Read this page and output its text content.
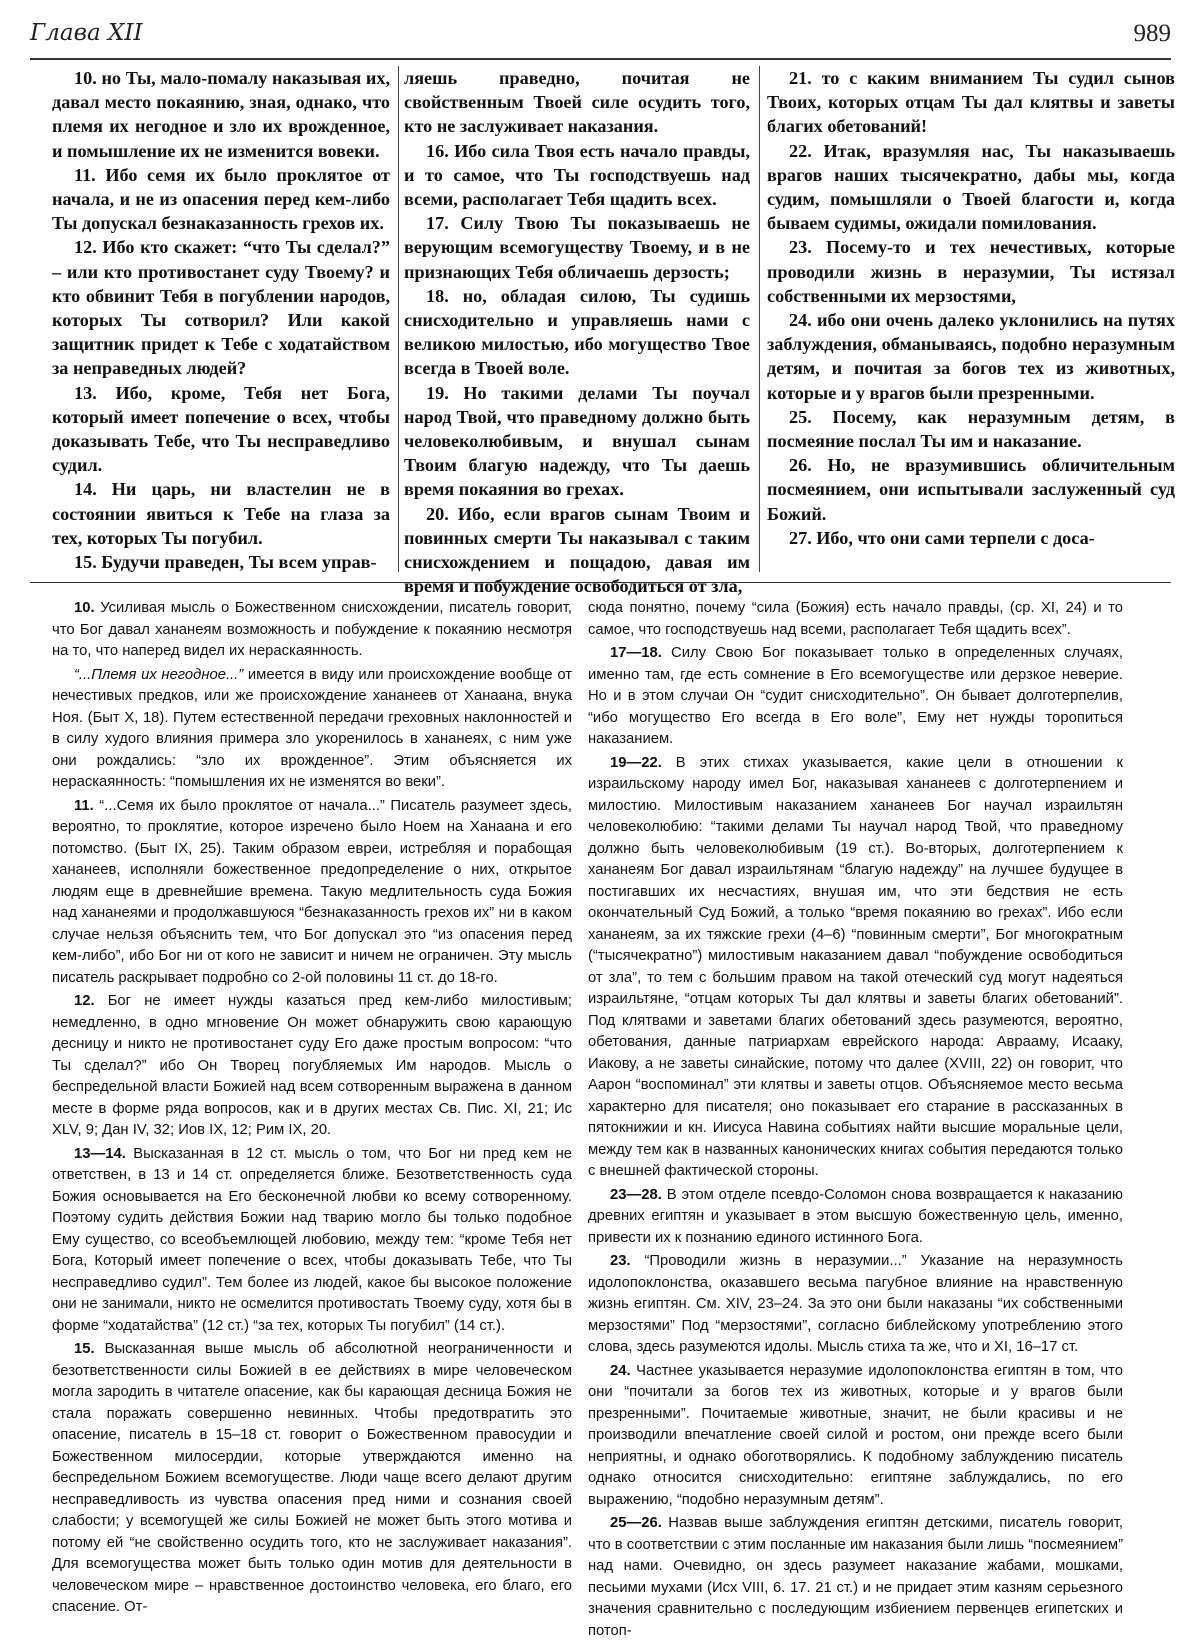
Глава XII	989

10. но Ты, мало-помалу наказывая их, давал место покаянию, зная, однако, что племя их негодное и зло их врожденное, и помышление их не изменится вовеки.

11. Ибо семя их было проклятое от начала, и не из опасения перед кем-либо Ты допускал безнаказанность грехов их.

12. Ибо кто скажет: “что Ты сделал?” – или кто противостанет суду Твоему? и кто обвинит Тебя в погублении народов, которых Ты сотворил? Или какой защитник придет к Тебе с ходатайством за неправедных людей?

13. Ибо, кроме, Тебя нет Бога, который имеет попечение о всех, чтобы доказывать Тебе, что Ты несправедливо судил.

14. Ни царь, ни властелин не в состоянии явиться к Тебе на глаза за тех, которых Ты погубил.

15. Будучи праведен, Ты всем управ-

ляешь праведно, почитая не свойственным Твоей силе осудить того, кто не заслуживает наказания.

16. Ибо сила Твоя есть начало правды, и то самое, что Ты господствуешь над всеми, располагает Тебя щадить всех.

17. Силу Твою Ты показываешь не верующим всемогуществу Твоему, и в не признающих Тебя обличаешь дерзость;

18. но, обладая силою, Ты судишь снисходительно и управляешь нами с великою милостью, ибо могущество Твое всегда в Твоей воле.

19. Но такими делами Ты поучал народ Твой, что праведному должно быть человеколюбивым, и внушал сынам Твоим благую надежду, что Ты даешь время покаяния во грехах.

20. Ибо, если врагов сынам Твоим и повинных смерти Ты наказывал с таким снисхождением и пощадою, давая им время и побуждение освободиться от зла,

21. то с каким вниманием Ты судил сынов Твоих, которых отцам Ты дал клятвы и заветы благих обетований!

22. Итак, вразумляя нас, Ты наказываешь врагов наших тысячекратно, дабы мы, когда судим, помышляли о Твоей благости и, когда бываем судимы, ожидали помилования.

23. Посему-то и тех нечестивых, которые проводили жизнь в неразумии, Ты истязал собственными их мерзостями,

24. ибо они очень далеко уклонились на путях заблуждения, обманываясь, подобно неразумным детям, и почитая за богов тех из животных, которые и у врагов были презренными.

25. Посему, как неразумным детям, в посмеяние послал Ты им и наказание.

26. Но, не вразумившись обличительным посмеянием, они испытывали заслуженный суд Божий.

27. Ибо, что они сами терпели с доса-

10. Усиливая мысль о Божественном снисхождении, писатель говорит, что Бог давал хананеям возможность и побуждение к покаянию несмотря на то, что наперед видел их нераскаянность.

“...Племя их негодное...” имеется в виду или происхождение вообще от нечестивых предков, или же происхождение хананеев от Ханаана, внука Ноя. (Быт X, 18). Путем естественной передачи греховных наклонностей и в силу худого влияния примера зло укоренилось в хананеях, с ним уже они рождались: “зло их врожденное”. Этим объясняется их нераскаянность: “помышления их не изменятся во веки”.

11. “...Семя их было проклятое от начала...” Писатель разумеет здесь, вероятно, то проклятие, которое изречено было Ноем на Ханаана и его потомство. (Быт IX, 25). Таким образом евреи, истребляя и порабощая хананеев, исполняли божественное предопределение о них, открытое людям еще в древнейшие времена. Такую медлительность суда Божия над хананеями и продолжавшуюся “безнаказанность грехов их” ни в каком случае нельзя объяснить тем, что Бог допускал это “из опасения перед кем-либо”, ибо Бог ни от кого не зависит и ничем не ограничен. Эту мысль писатель раскрывает подробно со 2-ой половины 11 ст. до 18-го.

12. Бог не имеет нужды казаться пред кем-либо милостивым; немедленно, в одно мгновение Он может обнаружить свою карающую десницу и никто не противостанет суду Его даже простым вопросом: “что Ты сделал?” ибо Он Творец погубляемых Им народов. Мысль о беспредельной власти Божией над всем сотворенным выражена в данном месте в форме ряда вопросов, как и в других местах Св. Пис. XI, 21; Ис XLV, 9; Дан IV, 32; Иов IX, 12; Рим IX, 20.

13—14. Высказанная в 12 ст. мысль о том, что Бог ни пред кем не ответствен, в 13 и 14 ст. определяется ближе. Безответственность суда Божия основывается на Его бесконечной любви ко всему сотворенному. Поэтому судить действия Божии над тварию могло бы только подобное Ему существо, со всеобъемлющей любовию, между тем: “кроме Тебя нет Бога, Который имеет попечение о всех, чтобы доказывать Тебе, что Ты несправедливо судил”. Тем более из людей, какое бы высокое положение они не занимали, никто не осмелится противостать Твоему суду, хотя бы в форме “ходатайства” (12 ст.) “за тех, которых Ты погубил” (14 ст.).

15. Высказанная выше мысль об абсолютной неограниченности и безответственности силы Божией в ее действиях в мире человеческом могла зародить в читателе опасение, как бы карающая десница Божия не стала поражать совершенно невинных. Чтобы предотвратить это опасение, писатель в 15–18 ст. говорит о Божественном правосудии и Божественном милосердии, которые утверждаются именно на беспредельном Божием всемогуществе. Люди чаще всего делают другим несправедливость из чувства опасения пред ними и сознания своей слабости; у всемогущей же силы Божией не может быть этого мотива и потому ей “не свойственно осудить того, кто не заслуживает наказания”. Для всемогущества может быть только один мотив для деятельности в человеческом мире – нравственное достоинство человека, его благо, его спасение. От-

сюда понятно, почему “сила (Божия) есть начало правды, (ср. XI, 24) и то самое, что господствуешь над всеми, располагает Тебя щадить всех”.

17—18. Силу Свою Бог показывает только в определенных случаях, именно там, где есть сомнение в Его всемогуществе или дерзкое неверие. Но и в этом случаи Он “судит снисходительно”. Он бывает долготерпелив, “ибо могущество Его всегда в Его воле”, Ему нет нужды торопиться наказанием.

19—22. В этих стихах указывается, какие цели в отношении к израильскому народу имел Бог, наказывая хананеев с долготерпением и милостию. Милостивым наказанием хананеев Бог научал израильтян человеколюбию: “такими делами Ты научал народ Твой, что праведному должно быть человеколюбивым (19 ст.). Во-вторых, долготерпением к хананеям Бог давал израильтянам “благую надежду” на лучшее будущее в постигавших их несчастиях, внушая им, что эти бедствия не есть окончательный Суд Божий, а только “время покаянию во грехах”. Ибо если хананеям, за их тяжские грехи (4–6) “повинным смерти”, Бог многократным (“тысячекратно”) милостивым наказанием давал “побуждение освободиться от зла”, то тем с большим правом на такой отеческий суд могут надеяться израильтяне, “отцам которых Ты дал клятвы и заветы благих обетований”. Под клятвами и заветами благих обетований здесь разумеются, вероятно, обетования, данные патриархам еврейского народа: Аврааму, Исааку, Иакову, а не заветы синайские, потому что далее (XVIII, 22) он говорит, что Аарон “воспоминал” эти клятвы и заветы отцов. Объясняемое место весьма характерно для писателя; оно показывает его старание в рассказанных в пятокнижии и кн. Иисуса Навина событиях найти высшие моральные цели, между тем как в названных канонических книгах события передаются только с внешней фактической стороны.

23—28. В этом отделе псевдо-Соломон снова возвращается к наказанию древних египтян и указывает в этом высшую божественную цель, именно, привести их к познанию единого истинного Бога.

23. “Проводили жизнь в неразумии...” Указание на неразумность идолопоклонства, оказавшего весьма пагубное влияние на нравственную жизнь египтян. См. XIV, 23–24. За это они были наказаны “их собственными мерзостями” Под “мерзостями”, согласно библейскому употреблению этого слова, здесь разумеются идолы. Мысль стиха та же, что и XI, 16–17 ст.

24. Частнее указывается неразумие идолопоклонства египтян в том, что они “почитали за богов тех из животных, которые и у врагов были презренными”. Почитаемые животные, значит, не были красивы и не производили впечатление своей силой и ростом, они прежде всего были неприятны, и однако обоготворялись. К подобному заблуждению писатель однако относится снисходительно: египтяне заблуждались, по его выражению, “подобно неразумным детям”.

25—26. Назвав выше заблуждения египтян детскими, писатель говорит, что в соответствии с этим посланные им наказания были лишь “посмеянием” над нами. Очевидно, он здесь разумеет наказание жабами, мошками, песьими мухами (Исх VIII, 6. 17. 21 ст.) и не придает этим казням серьезного значения сравнительно с последующим избиением первенцев египетских и потоп-
